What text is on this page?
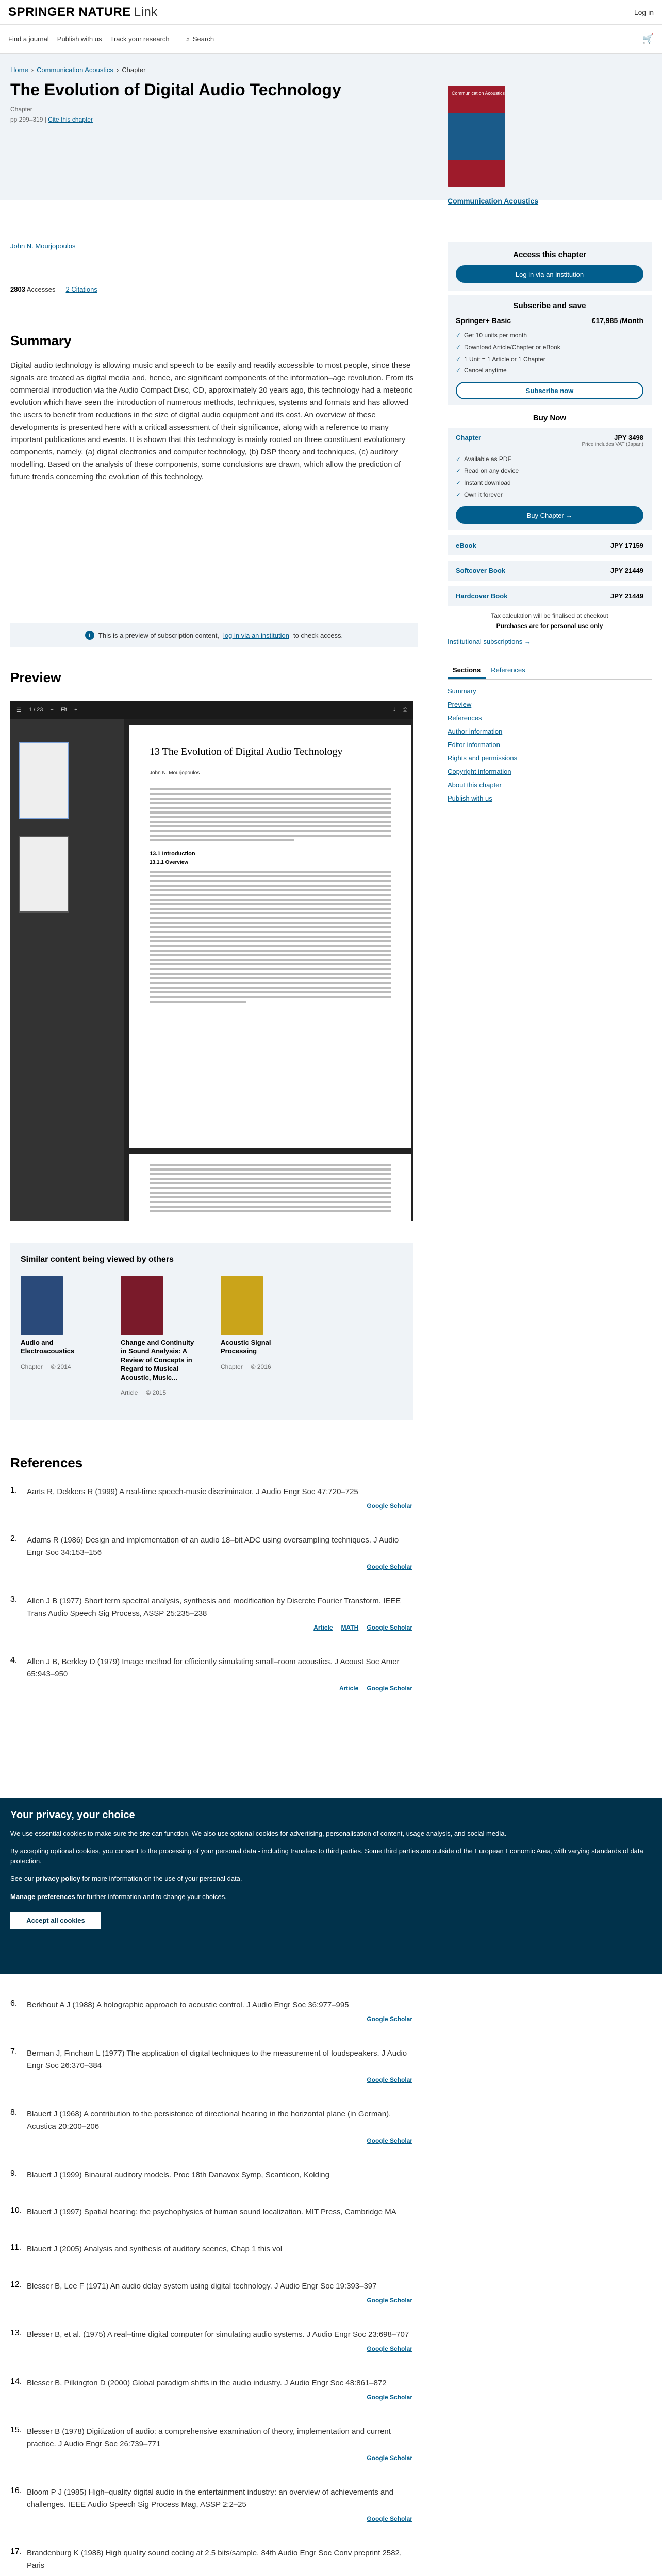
SPRINGER NATURE Link	Log in
Find a journal Publish with us Track your research ⌕ Search	🛒
Home › Communication Acoustics › Chapter
The Evolution of Digital Audio Technology
Chapter
pp 299–319 | Cite this chapter
Communication Acoustics
Communication Acoustics
John N. Mourjopoulos
2803 Accesses 2 Citations
Summary

Digital audio technology is allowing music and speech to be easily and readily accessible to most people, since these signals are treated as digital media and, hence, are significant components of the information–age revolution. From its commercial introduction via the Audio Compact Disc, CD, approximately 20 years ago, this technology had a meteoric evolution which have seen the introduction of numerous methods, techniques, systems and formats and has allowed the users to benefit from reductions in the size of digital audio equipment and its cost. An overview of these developments is presented here with a critical assessment of their significance, along with a reference to many important publications and events. It is shown that this technology is mainly rooted on three constituent evolutionary components, namely, (a) digital electronics and computer technology, (b) DSP theory and techniques, (c) auditory modelling. Based on the analysis of these components, some conclusions are drawn, which allow the prediction of future trends concerning the evolution of this technology.

i	This is a preview of subscription content, log in via an institution to check access.
Preview
☰ 1 / 23 − Fit +	⤓ ⎙
13 The Evolution of Digital Audio Technology
John N. Mourjopoulos
13.1 Introduction
13.1.1 Overview
Similar content being viewed by others
Audio and Electroacoustics
Chapter © 2014
Change and Continuity in Sound Analysis: A Review of Concepts in Regard to Musical Acoustic, Music...
Article © 2015
Acoustic Signal Processing
Chapter © 2016
References
1.	Aarts R, Dekkers R (1999) A real-time speech-music discriminator. J Audio Engr Soc 47:720–725
Google Scholar
2.	Adams R (1986) Design and implementation of an audio 18–bit ADC using oversampling techniques. J Audio Engr Soc 34:153–156
Google Scholar
3.	Allen J B (1977) Short term spectral analysis, synthesis and modification by Discrete Fourier Transform. IEEE Trans Audio Speech Sig Process, ASSP 25:235–238
Article MATH Google Scholar
4.	Allen J B, Berkley D (1979) Image method for efficiently simulating small–room acoustics. J Acoust Soc Amer 65:943–950
Article Google Scholar
Access this chapter
Log in via an institution
Subscribe and save
Springer+ Basic	€17,985 /Month
✓ Get 10 units per month
✓ Download Article/Chapter or eBook
✓ 1 Unit = 1 Article or 1 Chapter
✓ Cancel anytime
Subscribe now
Buy Now
Chapter	JPY 3498
Price includes VAT (Japan)
✓ Available as PDF
✓ Read on any device
✓ Instant download
✓ Own it forever
Buy Chapter →
eBook	JPY 17159
Softcover Book	JPY 21449
Hardcover Book	JPY 21449
Tax calculation will be finalised at checkout
Purchases are for personal use only
Institutional subscriptions →
Sections	References
Summary
Preview
References
Author information
Editor information
Rights and permissions
Copyright information
About this chapter
Publish with us
Your privacy, your choice

We use essential cookies to make sure the site can function. We also use optional cookies for advertising, personalisation of content, usage analysis, and social media.

By accepting optional cookies, you consent to the processing of your personal data - including transfers to third parties. Some third parties are outside of the European Economic Area, with varying standards of data protection.

See our privacy policy for more information on the use of your personal data.

Manage preferences for further information and to change your choices.

Accept all cookies
6.	Berkhout A J (1988) A holographic approach to acoustic control. J Audio Engr Soc 36:977–995
Google Scholar
7.	Berman J, Fincham L (1977) The application of digital techniques to the measurement of loudspeakers. J Audio Engr Soc 26:370–384
Google Scholar
8.	Blauert J (1968) A contribution to the persistence of directional hearing in the horizontal plane (in German). Acustica 20:200–206
Google Scholar
9.	Blauert J (1999) Binaural auditory models. Proc 18th Danavox Symp, Scanticon, Kolding
10. Blauert J (1997) Spatial hearing: the psychophysics of human sound localization. MIT Press, Cambridge MA
11. Blauert J (2005) Analysis and synthesis of auditory scenes, Chap 1 this vol
12. Blesser B, Lee F (1971) An audio delay system using digital technology. J Audio Engr Soc 19:393–397
Google Scholar
13. Blesser B, et al. (1975) A real–time digital computer for simulating audio systems. J Audio Engr Soc 23:698–707
Google Scholar
14. Blesser B, Pilkington D (2000) Global paradigm shifts in the audio industry. J Audio Engr Soc 48:861–872
Google Scholar
15. Blesser B (1978) Digitization of audio: a comprehensive examination of theory, implementation and current practice. J Audio Engr Soc 26:739–771
Google Scholar
16. Bloom P J (1985) High–quality digital audio in the entertainment industry: an overview of achievements and challenges. IEEE Audio Speech Sig Process Mag, ASSP 2:2–25
Google Scholar
17. Brandenburg K (1988) High quality sound coding at 2.5 bits/sample. 84th Audio Engr Soc Conv preprint 2582, Paris
